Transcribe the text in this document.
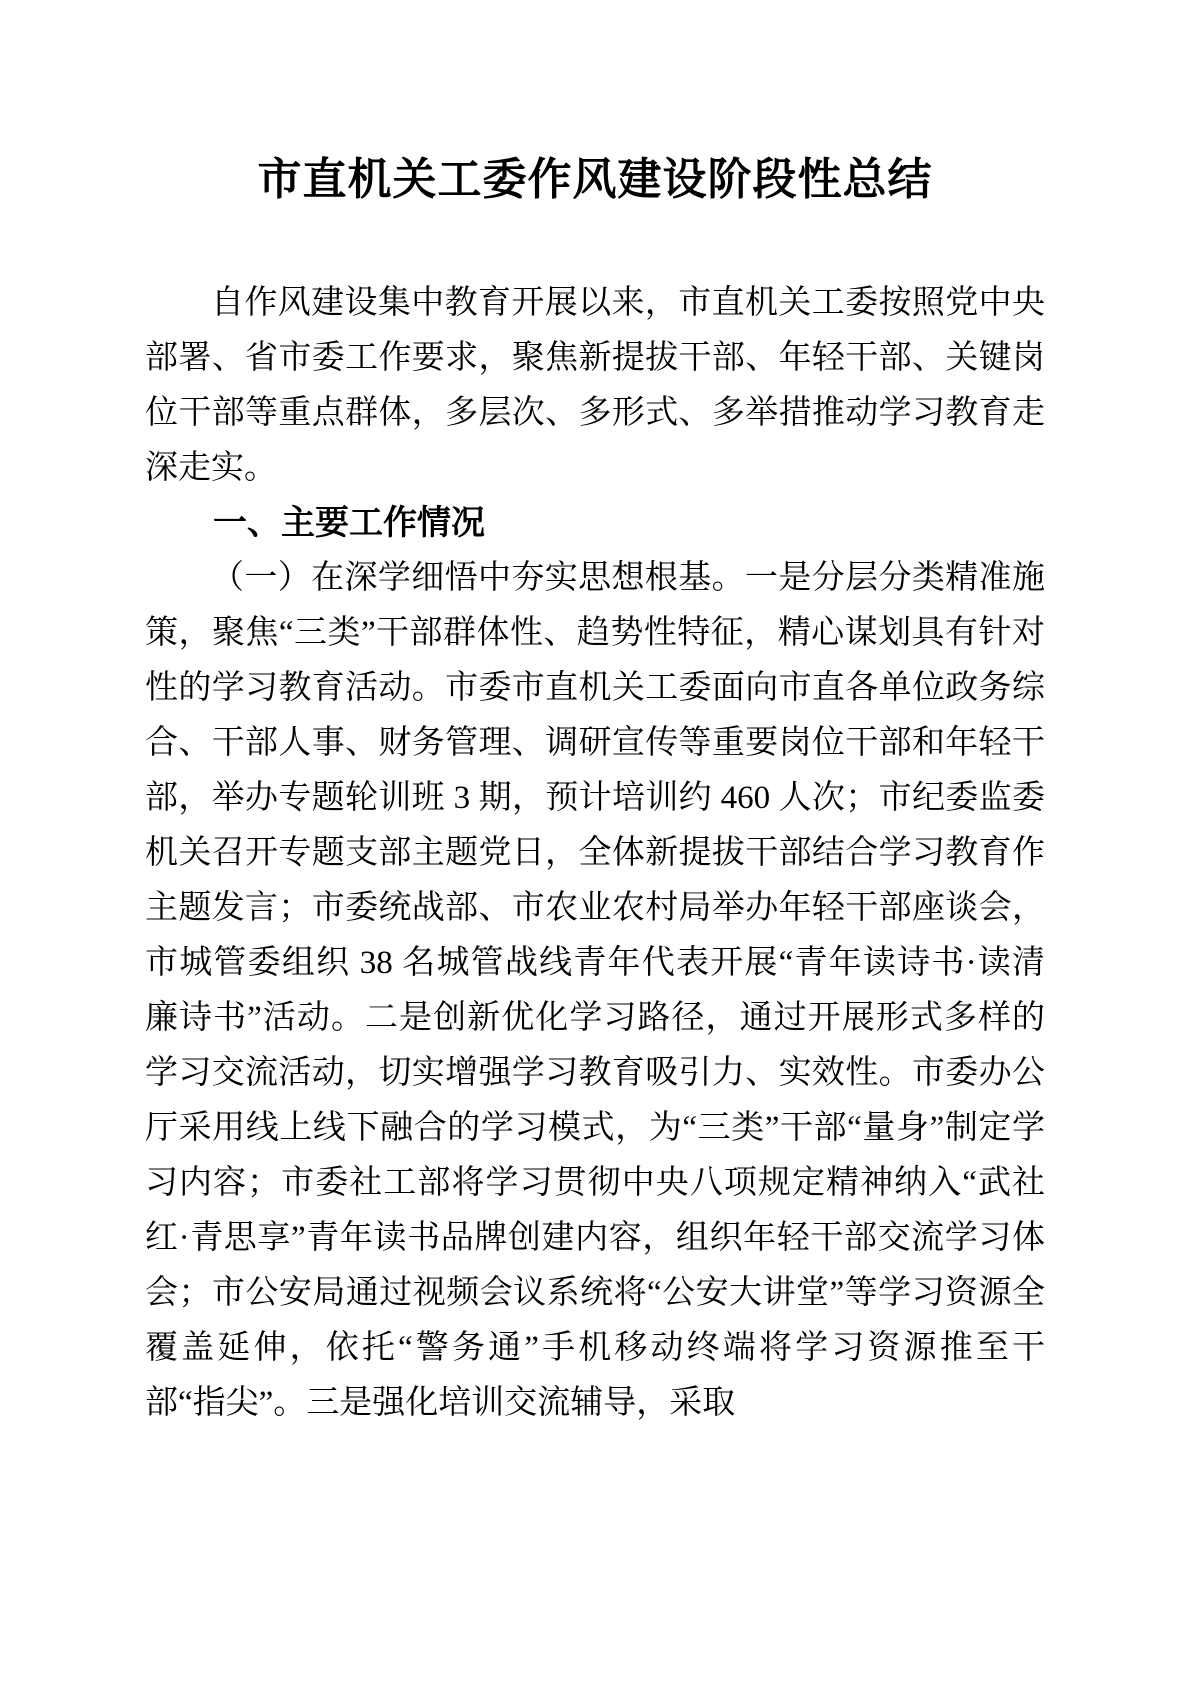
市直机关工委作风建设阶段性总结

自作风建设集中教育开展以来，市直机关工委按照党中央部署、省市委工作要求，聚焦新提拔干部、年轻干部、关键岗位干部等重点群体，多层次、多形式、多举措推动学习教育走深走实。

一、主要工作情况

（一）在深学细悟中夯实思想根基。一是分层分类精准施策，聚焦“三类”干部群体性、趋势性特征，精心谋划具有针对性的学习教育活动。市委市直机关工委面向市直各单位政务综合、干部人事、财务管理、调研宣传等重要岗位干部和年轻干部，举办专题轮训班 3 期，预计培训约 460 人次；市纪委监委机关召开专题支部主题党日，全体新提拔干部结合学习教育作主题发言；市委统战部、市农业农村局举办年轻干部座谈会，市城管委组织 38 名城管战线青年代表开展“青年读诗书·读清廉诗书”活动。二是创新优化学习路径，通过开展形式多样的学习交流活动，切实增强学习教育吸引力、实效性。市委办公厅采用线上线下融合的学习模式，为“三类”干部“量身”制定学习内容；市委社工部将学习贯彻中央八项规定精神纳入“武社红·青思享”青年读书品牌创建内容，组织年轻干部交流学习体会；市公安局通过视频会议系统将“公安大讲堂”等学习资源全覆盖延伸，依托“警务通”手机移动终端将学习资源推至干部“指尖”。三是强化培训交流辅导，采取
